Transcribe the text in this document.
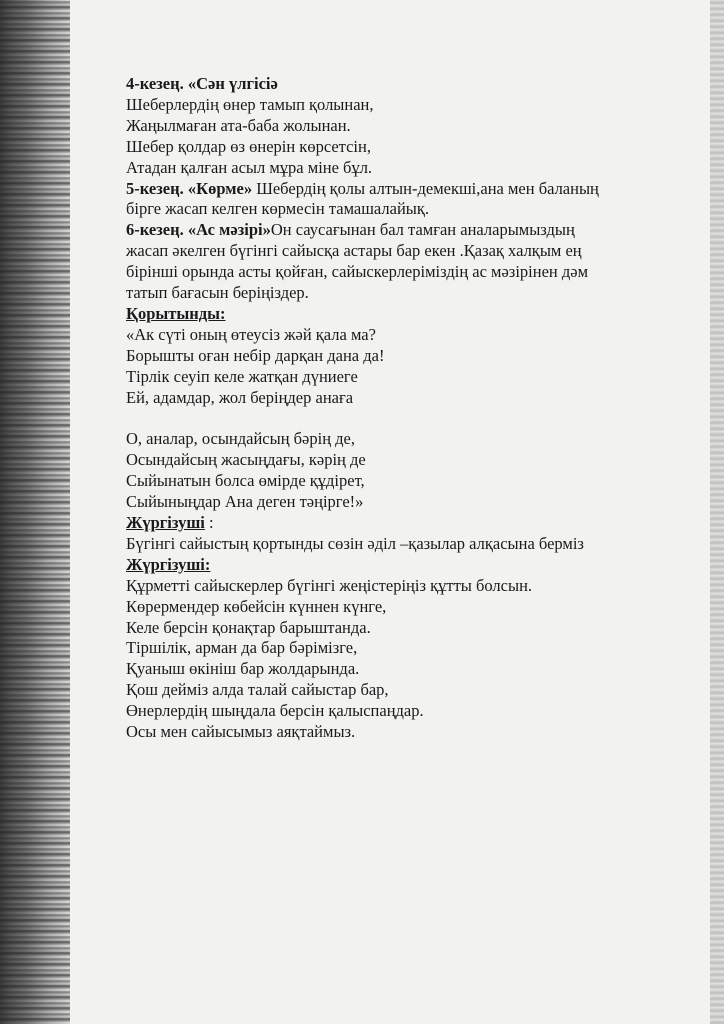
4-кезең. «Сән үлгісіә
Шеберлердің өнер тамып қолынан,
Жаңылмаған ата-баба жолынан.
Шебер қолдар өз өнерін көрсетсін,
Атадан қалған асыл мұра міне бұл.
5-кезең. «Көрме» Шебердің қолы алтын-демекші,ана мен баланың
бірге жасап келген көрмесін тамашалайық.
6-кезең. «Ас мәзірі»Он саусағынан бал тамған аналарымыздың
жасап әкелген бүгінгі сайысқа астары бар екен .Қазақ халқым ең
бірінші орында асты қойған, сайыскерлеріміздің ас мәзірінен дәм
татып бағасын беріңіздер.
Қорытынды:
«Ак сүті оның өтеусіз жәй қала ма?
Борышты оған небір дарқан дана да!
Тірлік сеуіп келе жатқан дүниеге
Ей, адамдар, жол беріңдер анаға
О, аналар, осындайсың бәрің де,
Осындайсың жасыңдағы, кәрің де
Сыйынатын болса өмірде құдірет,
Сыйыныңдар Ана деген тәңірге!»
Жүргізуші :
Бүгінгі сайыстың қортынды сөзін әділ –қазылар алқасына берміз
Жүргізуші:
Құрметті сайыскерлер бүгінгі жеңістеріңіз құтты болсын.
Көрермендер көбейсін күннен күнге,
Келе берсін қонақтар барыштанда.
Тіршілік, арман да бар бәрімізге,
Қуаныш өкініш бар жолдарында.
Қош дейміз алда талай сайыстар бар,
Өнерлердің шыңдала берсін қалыспаңдар.
Осы мен сайысымыз аяқтаймыз.
